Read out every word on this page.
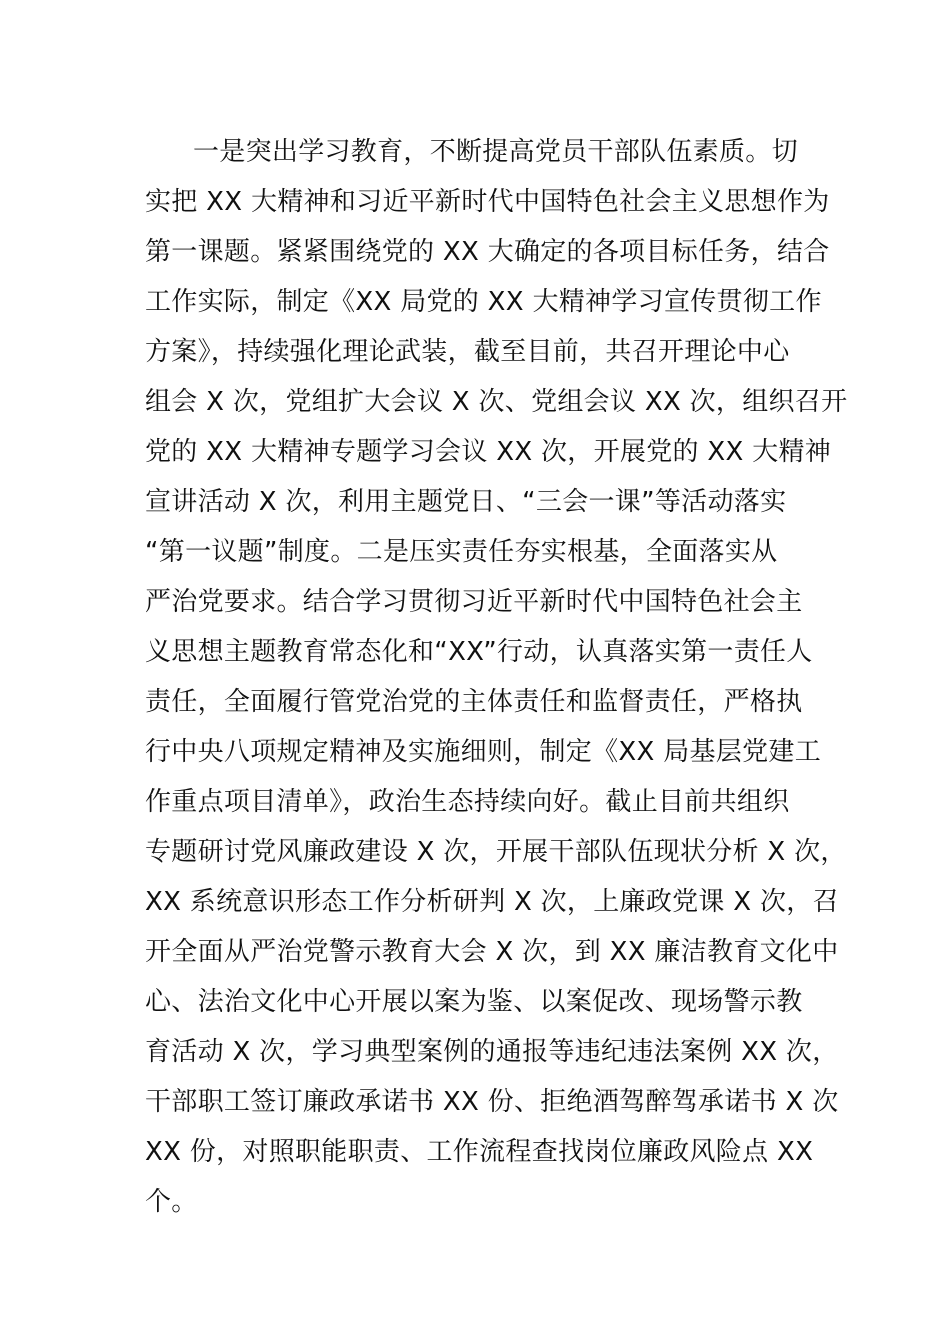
一是突出学习教育，不断提高党员干部队伍素质。切
实把 XX 大精神和习近平新时代中国特色社会主义思想作为
第一课题。紧紧围绕党的 XX 大确定的各项目标任务，结合
工作实际，制定《XX 局党的 XX 大精神学习宣传贯彻工作
方案》，持续强化理论武装，截至目前，共召开理论中心
组会 X 次，党组扩大会议 X 次、党组会议 XX 次，组织召开
党的 XX 大精神专题学习会议 XX 次，开展党的 XX 大精神
宣讲活动 X 次，利用主题党日、“三会一课”等活动落实
“第一议题”制度。二是压实责任夯实根基，全面落实从
严治党要求。结合学习贯彻习近平新时代中国特色社会主
义思想主题教育常态化和“XX”行动，认真落实第一责任人
责任，全面履行管党治党的主体责任和监督责任，严格执
行中央八项规定精神及实施细则，制定《XX 局基层党建工
作重点项目清单》，政治生态持续向好。截止目前共组织
专题研讨党风廉政建设 X 次，开展干部队伍现状分析 X 次，
XX 系统意识形态工作分析研判 X 次，上廉政党课 X 次，召
开全面从严治党警示教育大会 X 次，到 XX 廉洁教育文化中
心、法治文化中心开展以案为鉴、以案促改、现场警示教
育活动 X 次，学习典型案例的通报等违纪违法案例 XX 次，
干部职工签订廉政承诺书 XX 份、拒绝酒驾醉驾承诺书 X 次
XX 份，对照职能职责、工作流程查找岗位廉政风险点 XX
个。
